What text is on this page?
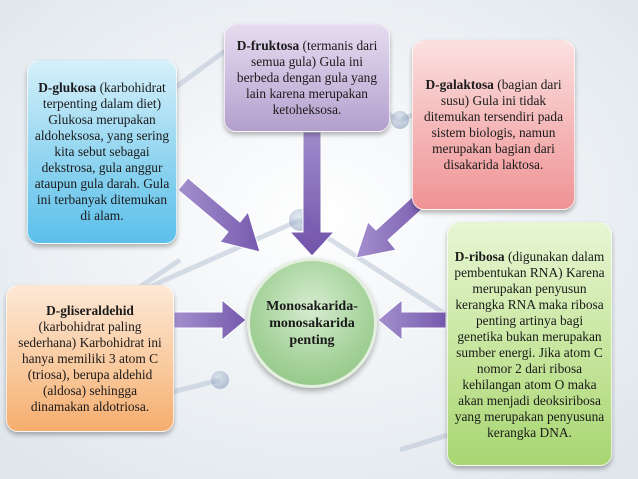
D-glukosa (karbohidrat terpenting dalam diet) Glukosa merupakan aldoheksosa, yang sering kita sebut sebagai dekstrosa, gula anggur ataupun gula darah. Gula ini terbanyak ditemukan di alam.

D-fruktosa (termanis dari semua gula) Gula ini berbeda dengan gula yang lain karena merupakan ketoheksosa.

D-galaktosa (bagian dari susu) Gula ini tidak ditemukan tersendiri pada sistem biologis, namun merupakan bagian dari disakarida laktosa.

D-ribosa (digunakan dalam pembentukan RNA) Karena merupakan penyusun kerangka RNA maka ribosa penting artinya bagi genetika bukan merupakan sumber energi. Jika atom C nomor 2 dari ribosa kehilangan atom O maka akan menjadi deoksiribosa yang merupakan penyusuna kerangka DNA.

D-gliseraldehid (karbohidrat paling sederhana) Karbohidrat ini hanya memiliki 3 atom C (triosa), berupa aldehid (aldosa) sehingga dinamakan aldotriosa.

Monosakarida-
monosakarida
penting
